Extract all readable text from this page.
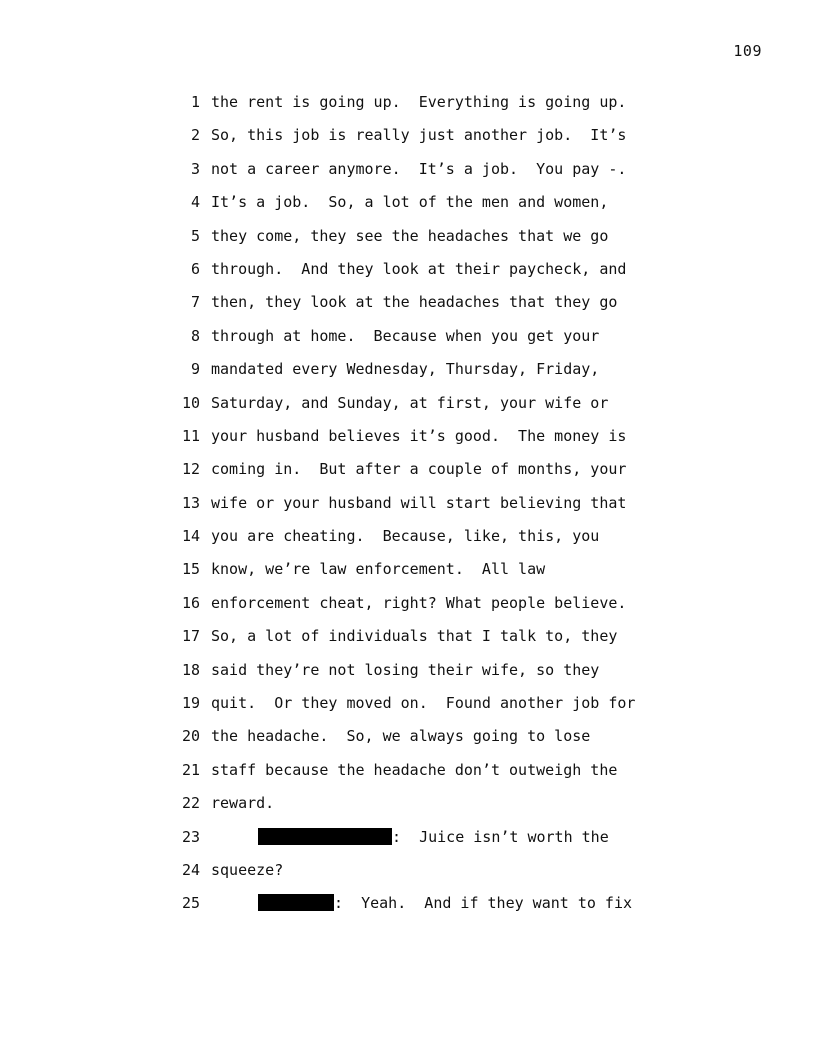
109
1 the rent is going up.  Everything is going up.
2 So, this job is really just another job.  It’s
3 not a career anymore.  It’s a job.  You pay -.
4 It’s a job.  So, a lot of the men and women,
5 they come, they see the headaches that we go
6 through.  And they look at their paycheck, and
7 then, they look at the headaches that they go
8 through at home.  Because when you get your
9 mandated every Wednesday, Thursday, Friday,
10 Saturday, and Sunday, at first, your wife or
11 your husband believes it’s good.  The money is
12 coming in.  But after a couple of months, your
13 wife or your husband will start believing that
14 you are cheating.  Because, like, this, you
15 know, we’re law enforcement.  All law
16 enforcement cheat, right? What people believe.
17 So, a lot of individuals that I talk to, they
18 said they’re not losing their wife, so they
19 quit.  Or they moved on.  Found another job for
20 the headache.  So, we always going to lose
21 staff because the headache don’t outweigh the
22 reward.
23	:  Juice isn’t worth the
24 squeeze?
25	:  Yeah.  And if they want to fix
